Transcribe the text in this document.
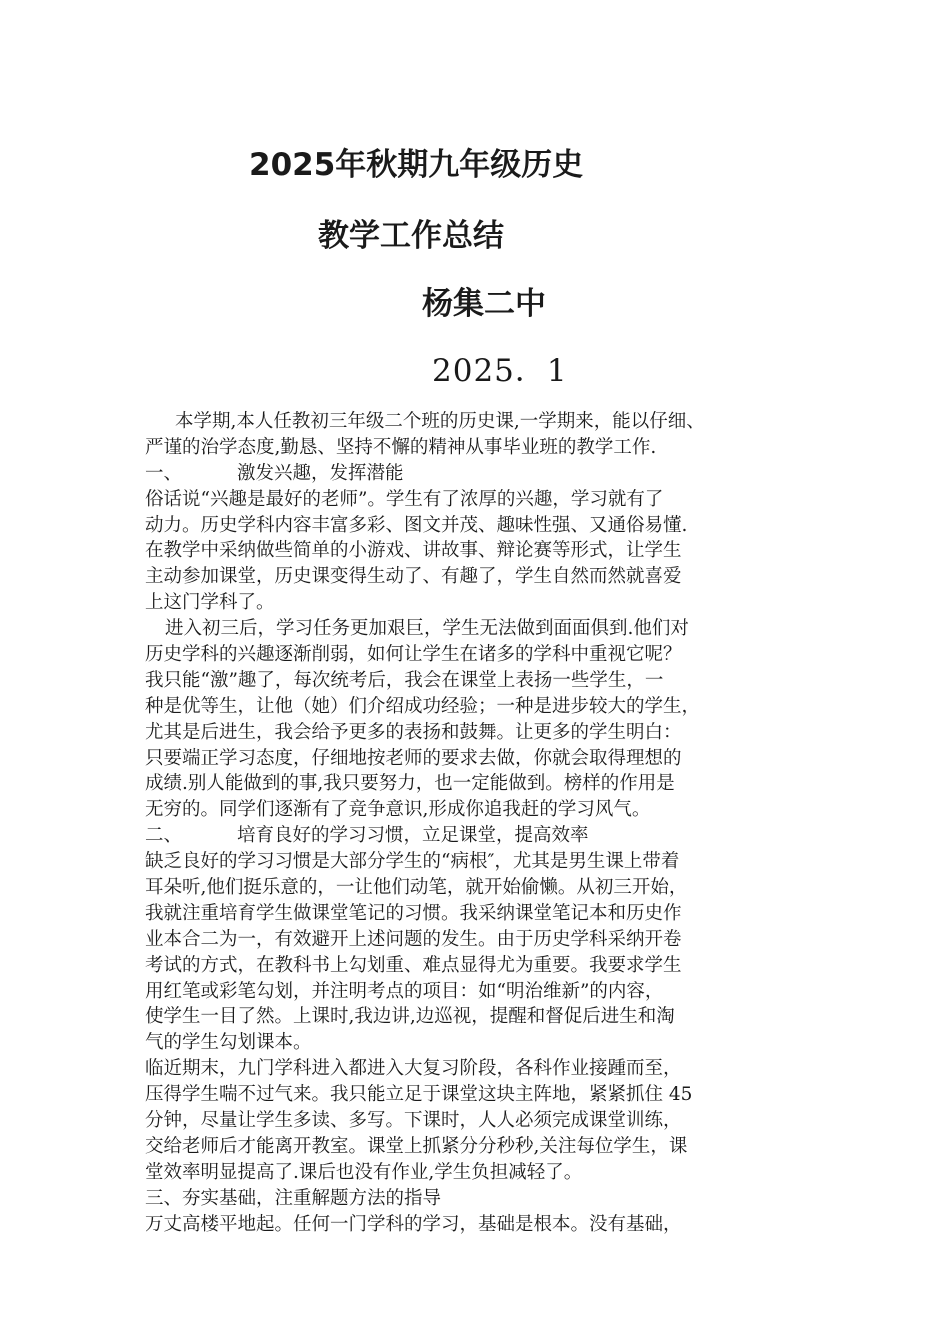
2025年秋期九年级历史
教学工作总结
杨集二中
2025．1
本学期,本人任教初三年级二个班的历史课,一学期来，能以仔细、
严谨的治学态度,勤恳、坚持不懈的精神从事毕业班的教学工作.
一、	激发兴趣，发挥潜能
俗话说“兴趣是最好的老师”。学生有了浓厚的兴趣，学习就有了
动力。历史学科内容丰富多彩、图文并茂、趣味性强、又通俗易懂.
在教学中采纳做些简单的小游戏、讲故事、辩论赛等形式，让学生
主动参加课堂，历史课变得生动了、有趣了，学生自然而然就喜爱
上这门学科了。
进入初三后，学习任务更加艰巨，学生无法做到面面俱到.他们对
历史学科的兴趣逐渐削弱，如何让学生在诸多的学科中重视它呢？
我只能“激”趣了，每次统考后，我会在课堂上表扬一些学生，一
种是优等生，让他（她）们介绍成功经验；一种是进步较大的学生，
尤其是后进生，我会给予更多的表扬和鼓舞。让更多的学生明白：
只要端正学习态度，仔细地按老师的要求去做，你就会取得理想的
成绩.别人能做到的事,我只要努力，也一定能做到。榜样的作用是
无穷的。同学们逐渐有了竞争意识,形成你追我赶的学习风气。
二、	培育良好的学习习惯，立足课堂，提高效率
缺乏良好的学习习惯是大部分学生的“病根″，尤其是男生课上带着
耳朵听,他们挺乐意的，一让他们动笔，就开始偷懒。从初三开始，
我就注重培育学生做课堂笔记的习惯。我采纳课堂笔记本和历史作
业本合二为一，有效避开上述问题的发生。由于历史学科采纳开卷
考试的方式，在教科书上勾划重、难点显得尤为重要。我要求学生
用红笔或彩笔勾划，并注明考点的项目：如“明治维新”的内容，
使学生一目了然。上课时,我边讲,边巡视，提醒和督促后进生和淘
气的学生勾划课本。
临近期末，九门学科进入都进入大复习阶段，各科作业接踵而至，
压得学生喘不过气来。我只能立足于课堂这块主阵地，紧紧抓住 45
分钟，尽量让学生多读、多写。下课时，人人必须完成课堂训练，
交给老师后才能离开教室。课堂上抓紧分分秒秒,关注每位学生，课
堂效率明显提高了.课后也没有作业,学生负担减轻了。
三、夯实基础，注重解题方法的指导
万丈高楼平地起。任何一门学科的学习，基础是根本。没有基础，
